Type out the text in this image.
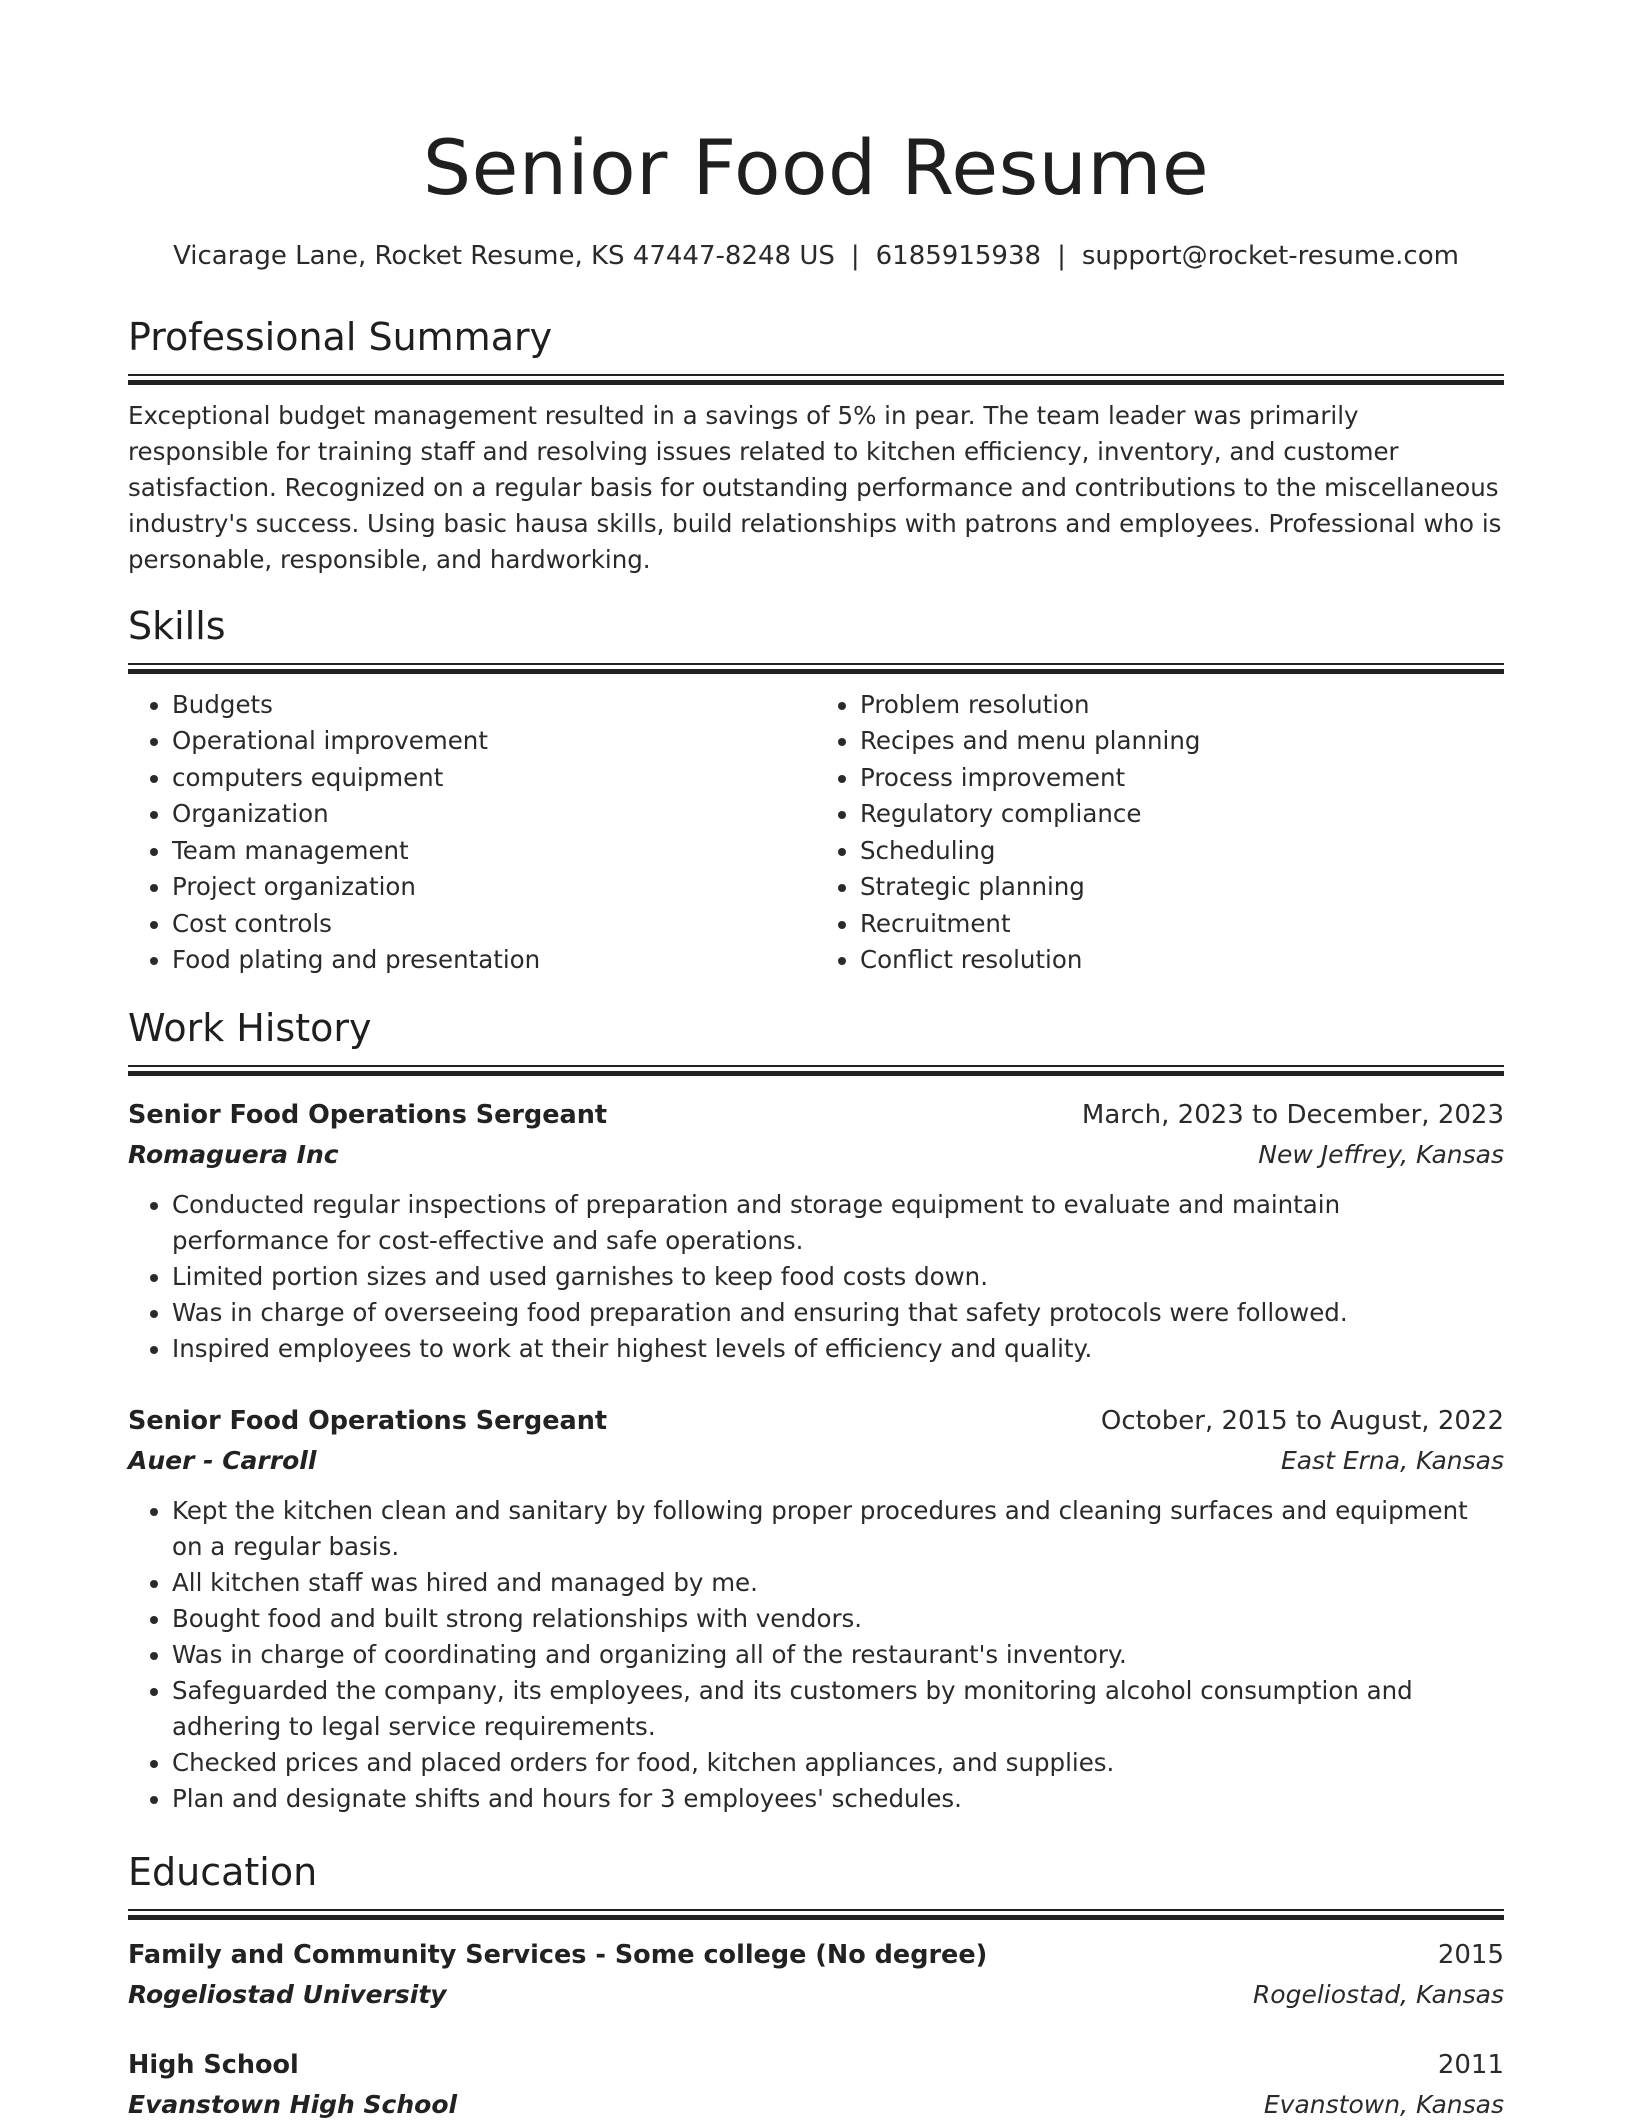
Senior Food Resume
Vicarage Lane, Rocket Resume, KS 47447-8248 US | 6185915938 | support@rocket-resume.com
Professional Summary

Exceptional budget management resulted in a savings of 5% in pear. The team leader was primarily responsible for training staff and resolving issues related to kitchen efficiency, inventory, and customer satisfaction. Recognized on a regular basis for outstanding performance and contributions to the miscellaneous industry's success. Using basic hausa skills, build relationships with patrons and employees. Professional who is personable, responsible, and hardworking.

Skills
• Budgets
• Operational improvement
• computers equipment
• Organization
• Team management
• Project organization
• Cost controls
• Food plating and presentation
• Problem resolution
• Recipes and menu planning
• Process improvement
• Regulatory compliance
• Scheduling
• Strategic planning
• Recruitment
• Conflict resolution
Work History
Senior Food Operations Sergeant	March, 2023 to December, 2023
Romaguera Inc	New Jeffrey, Kansas
• Conducted regular inspections of preparation and storage equipment to evaluate and maintain performance for cost-effective and safe operations.
• Limited portion sizes and used garnishes to keep food costs down.
• Was in charge of overseeing food preparation and ensuring that safety protocols were followed.
• Inspired employees to work at their highest levels of efficiency and quality.
Senior Food Operations Sergeant	October, 2015 to August, 2022
Auer - Carroll	East Erna, Kansas
• Kept the kitchen clean and sanitary by following proper procedures and cleaning surfaces and equipment on a regular basis.
• All kitchen staff was hired and managed by me.
• Bought food and built strong relationships with vendors.
• Was in charge of coordinating and organizing all of the restaurant's inventory.
• Safeguarded the company, its employees, and its customers by monitoring alcohol consumption and adhering to legal service requirements.
• Checked prices and placed orders for food, kitchen appliances, and supplies.
• Plan and designate shifts and hours for 3 employees' schedules.
Education
Family and Community Services - Some college (No degree)	2015
Rogeliostad University	Rogeliostad, Kansas
High School	2011
Evanstown High School	Evanstown, Kansas
